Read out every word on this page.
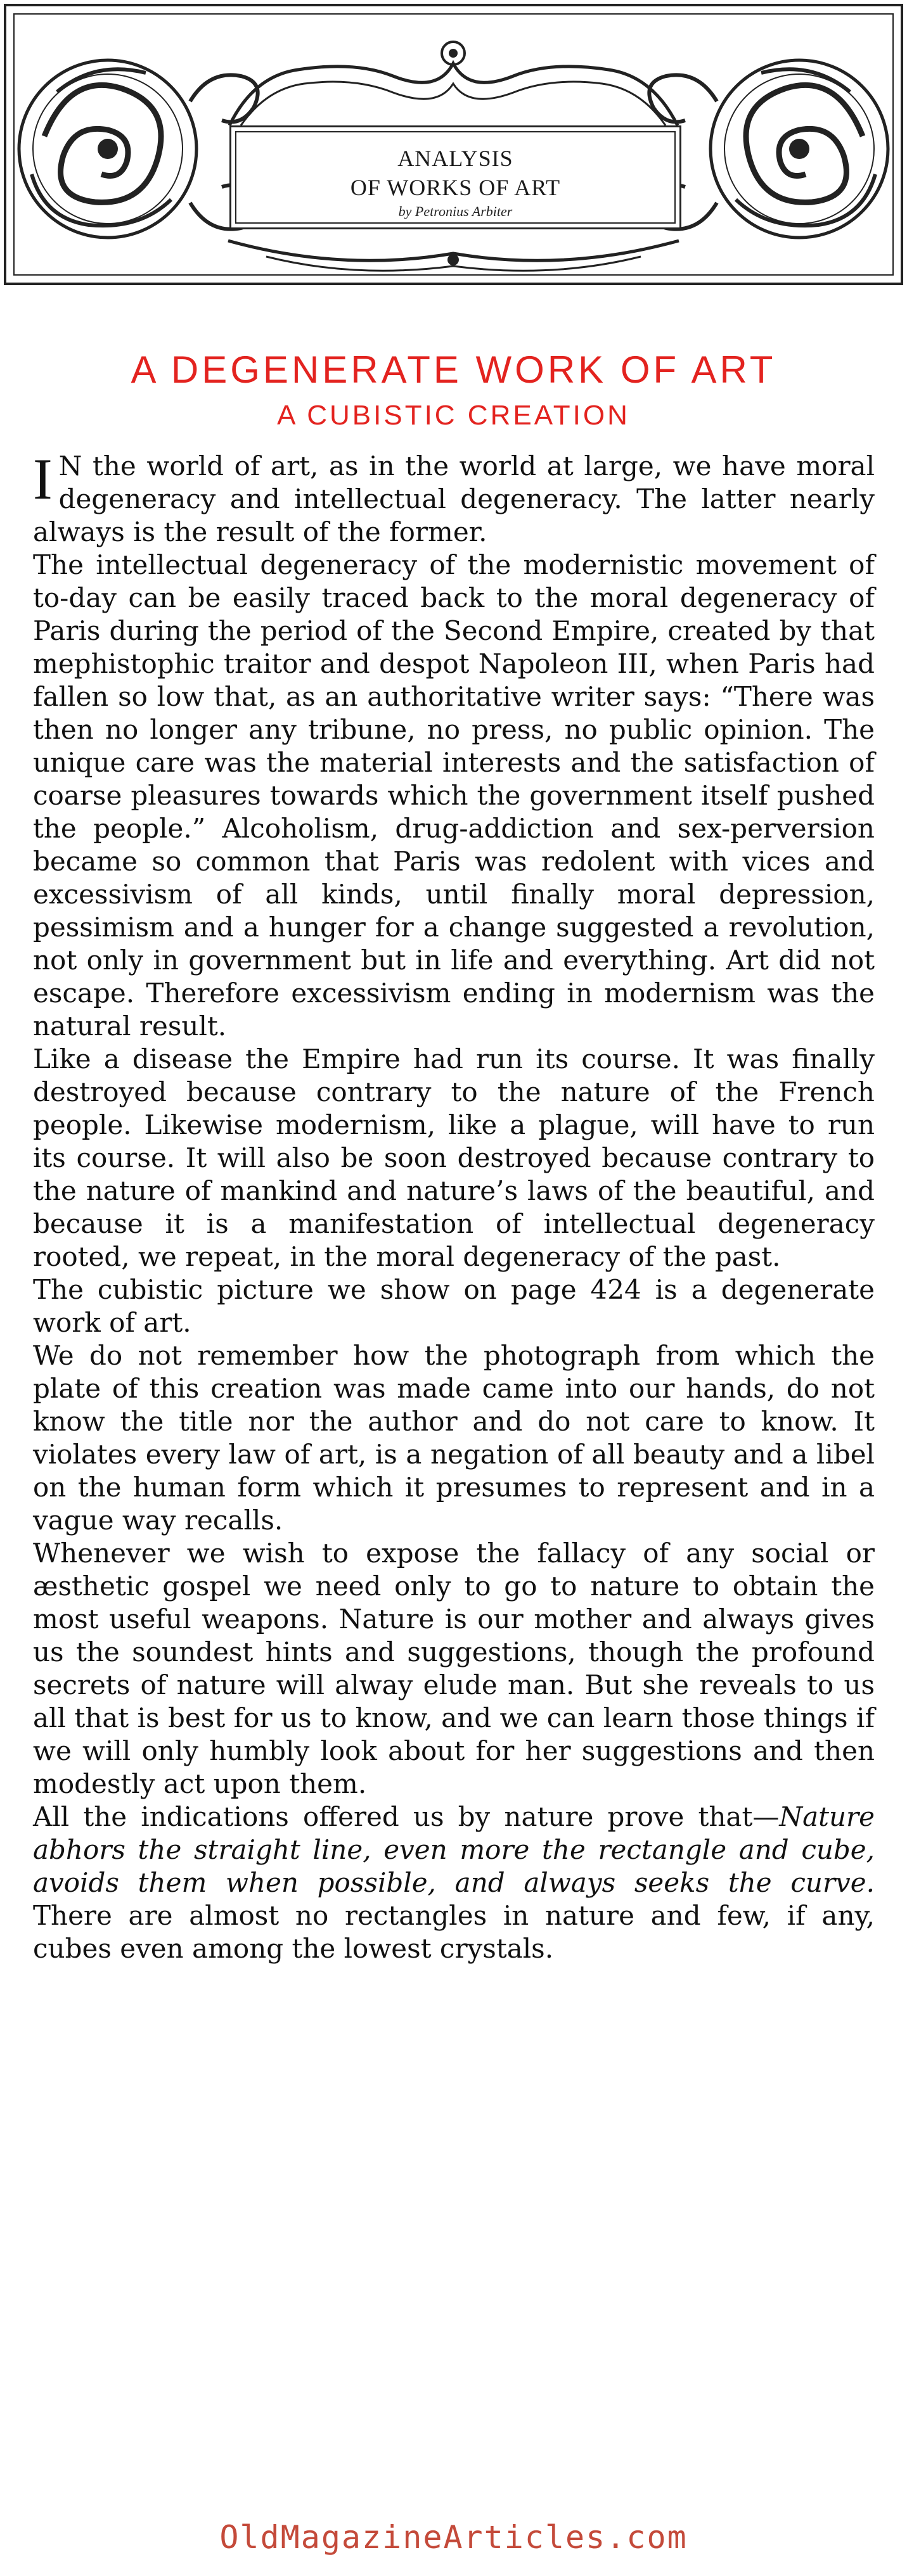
ANALYSIS
OF WORKS OF ART
by Petronius Arbiter
A DEGENERATE WORK OF ART
A CUBISTIC CREATION

I N the world of art, as in the world at large, we have moral degeneracy and intellectual degeneracy. The latter nearly always is the result of the former.

The intellectual degeneracy of the modernistic movement of to-day can be easily traced back to the moral degeneracy of Paris during the period of the Second Empire, created by that mephistophic traitor and despot Napoleon III, when Paris had fallen so low that, as an authoritative writer says: “There was then no longer any tribune, no press, no public opinion. The unique care was the material interests and the satisfaction of coarse pleasures towards which the government itself pushed the people.” Alcoholism, drug-addiction and sex-perversion became so common that Paris was redolent with vices and excessivism of all kinds, until finally moral depression, pessimism and a hunger for a change suggested a revolution, not only in government but in life and everything. Art did not escape. Therefore excessivism ending in modernism was the natural result.

Like a disease the Empire had run its course. It was finally destroyed because contrary to the nature of the French people. Likewise modernism, like a plague, will have to run its course. It will also be soon destroyed because contrary to the nature of mankind and nature’s laws of the beautiful, and because it is a manifestation of intellectual degeneracy rooted, we repeat, in the moral degeneracy of the past.

The cubistic picture we show on page 424 is a degenerate work of art.

We do not remember how the photograph from which the plate of this creation was made came into our hands, do not know the title nor the author and do not care to know. It violates every law of art, is a negation of all beauty and a libel on the human form which it presumes to represent and in a vague way recalls.

Whenever we wish to expose the fallacy of any social or æsthetic gospel we need only to go to nature to obtain the most useful weapons. Nature is our mother and always gives us the soundest hints and suggestions, though the profound secrets of nature will alway elude man. But she reveals to us all that is best for us to know, and we can learn those things if we will only humbly look about for her suggestions and then modestly act upon them.

All the indications offered us by nature prove that—Nature abhors the straight line, even more the rectangle and cube, avoids them when possible, and always seeks the curve. There are almost no rectangles in nature and few, if any, cubes even among the lowest crystals.

OldMagazineArticles.com
